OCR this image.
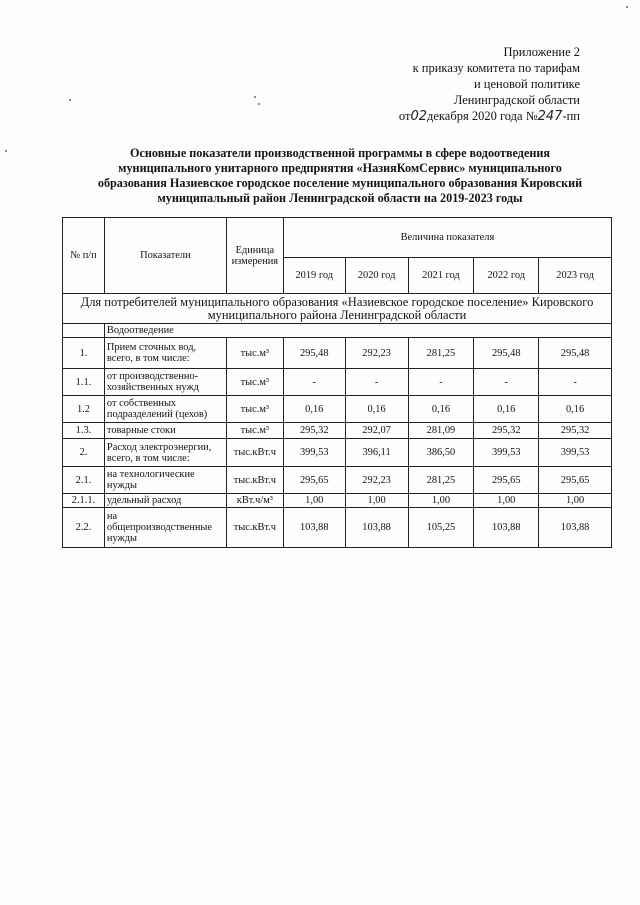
Приложение 2
к приказу комитета по тарифам
и ценовой политике
Ленинградской области
от02декабря 2020 года №247-пп
Основные показатели производственной программы в сфере водоотведения
муниципального унитарного предприятия «НазияКомСервис» муниципального
образования Назиевское городское поселение муниципального образования Кировский
муниципальный район Ленинградской области на 2019-2023 годы
№ п/п	Показатели	Единица измерения	Величина показателя				
			2019 год	2020 год	2021 год	2022 год	2023 год
Для потребителей муниципального образования «Назиевское городское поселение» Кировского муниципального района Ленинградской области							
	Водоотведение						
1.	Прием сточных вод, всего, в том числе:	тыс.м³	295,48	292,23	281,25	295,48	295,48
1.1.	от производственно-хозяйственных нужд	тыс.м³	-	-	-	-	-
1.2	от собственных подразделений (цехов)	тыс.м³	0,16	0,16	0,16	0,16	0,16
1.3.	товарные стоки	тыс.м³	295,32	292,07	281,09	295,32	295,32
2.	Расход электроэнергии, всего, в том числе:	тыс.кВт.ч	399,53	396,11	386,50	399,53	399,53
2.1.	на технологические нужды	тыс.кВт.ч	295,65	292,23	281,25	295,65	295,65
2.1.1.	удельный расход	кВт.ч/м³	1,00	1,00	1,00	1,00	1,00
2.2.	на общепроизводственные нужды	тыс.кВт.ч	103,88	103,88	105,25	103,88	103,88
